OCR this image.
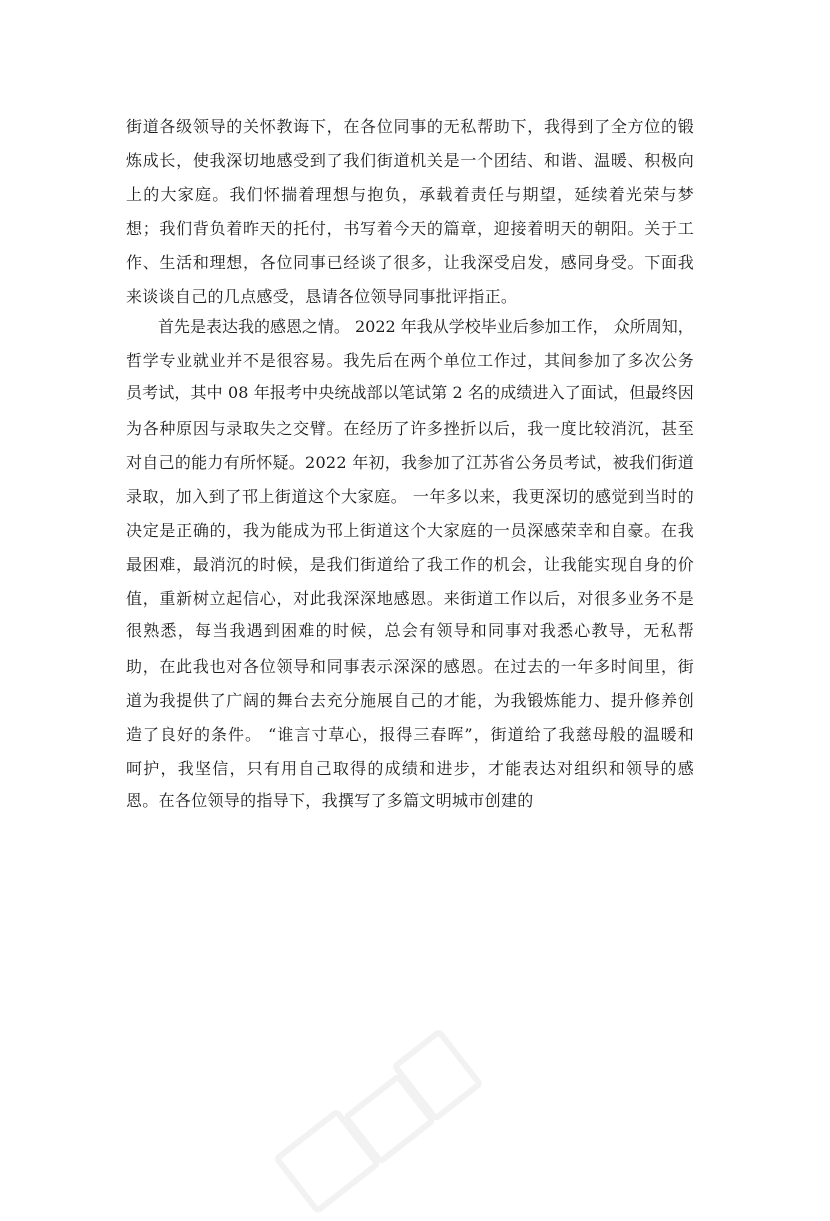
街道各级领导的关怀教诲下，在各位同事的无私帮助下，我得到了全方位的锻
炼成长，使我深切地感受到了我们街道机关是一个团结、和谐、温暖、积极向
上的大家庭。我们怀揣着理想与抱负，承载着责任与期望，延续着光荣与梦
想；我们背负着昨天的托付，书写着今天的篇章，迎接着明天的朝阳。关于工
作、生活和理想，各位同事已经谈了很多，让我深受启发，感同身受。下面我
来谈谈自己的几点感受，恳请各位领导同事批评指正。
首先是表达我的感恩之情。 2022 年我从学校毕业后参加工作， 众所周知，
哲学专业就业并不是很容易。我先后在两个单位工作过，其间参加了多次公务
员考试，其中 08 年报考中央统战部以笔试第 2 名的成绩进入了面试，但最终因
为各种原因与录取失之交臂。在经历了许多挫折以后，我一度比较消沉，甚至
对自己的能力有所怀疑。2022 年初，我参加了江苏省公务员考试，被我们街道
录取，加入到了邗上街道这个大家庭。 一年多以来，我更深切的感觉到当时的
决定是正确的，我为能成为邗上街道这个大家庭的一员深感荣幸和自豪。在我
最困难，最消沉的时候，是我们街道给了我工作的机会，让我能实现自身的价
值，重新树立起信心，对此我深深地感恩。来街道工作以后，对很多业务不是
很熟悉，每当我遇到困难的时候，总会有领导和同事对我悉心教导，无私帮
助，在此我也对各位领导和同事表示深深的感恩。在过去的一年多时间里，街
道为我提供了广阔的舞台去充分施展自己的才能，为我锻炼能力、提升修养创
造了良好的条件。 “谁言寸草心，报得三春晖”，街道给了我慈母般的温暖和
呵护，我坚信，只有用自己取得的成绩和进步，才能表达对组织和领导的感
恩。在各位领导的指导下，我撰写了多篇文明城市创建的
